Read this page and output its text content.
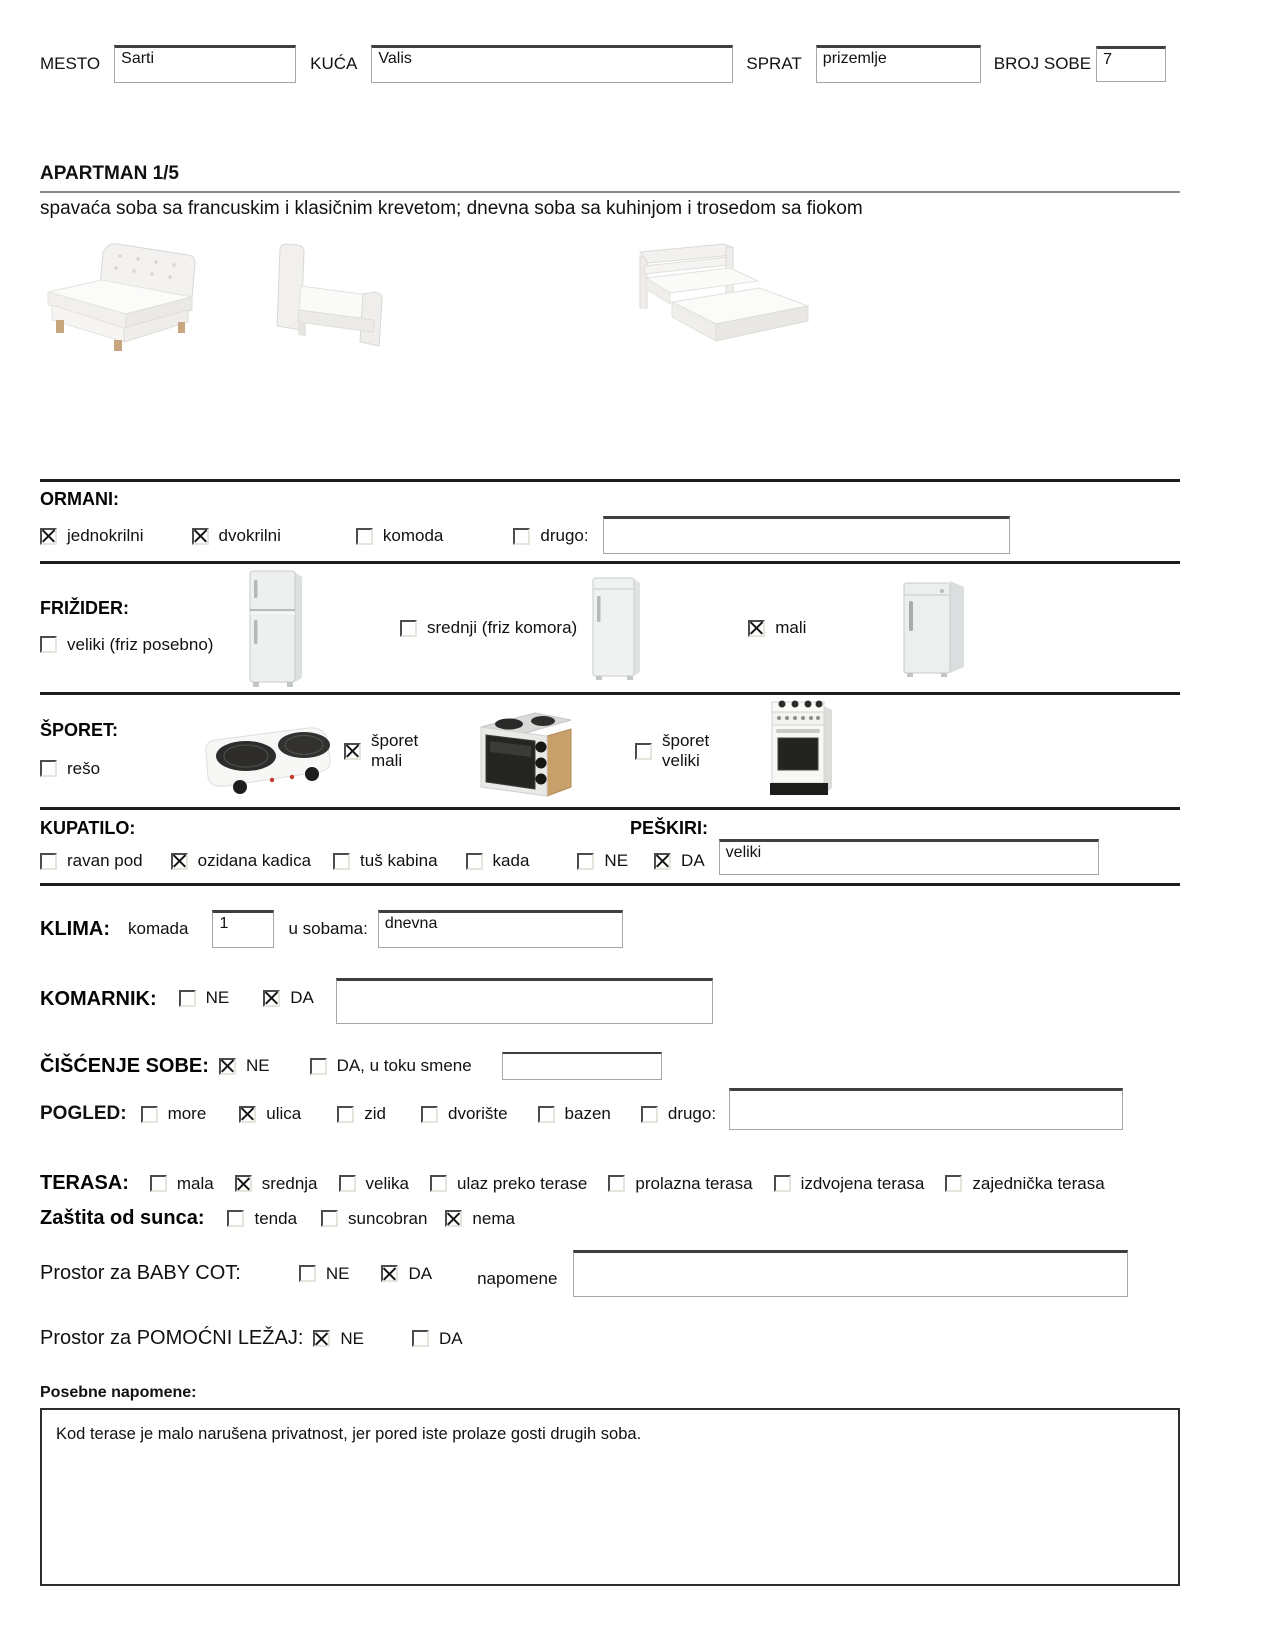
MESTO	Sarti	KUĆA	Valis	SPRAT	prizemlje	BROJ SOBE 7
APARTMAN 1/5
spavaća soba sa francuskim i klasičnim krevetom; dnevna soba sa kuhinjom i trosedom sa fiokom
ORMANI:
jednokrilni	dvokrilni	komoda	drugo:
FRIŽIDER:
veliki (friz posebno)
srednji (friz komora)	mali
ŠPORET:
rešo
šporet mali
šporet veliki
KUPATILO:	PEŠKIRI:
ravan pod	ozidana kadica	tuš kabina	kada	NE	DA	veliki
KLIMA: komada	1	u sobama:	dnevna
KOMARNIK:	NE	DA
ČIŠĆENJE SOBE: NE	DA, u toku smene
POGLED: more	ulica	zid	dvorište	bazen	drugo:
TERASA:	mala	srednja	velika	ulaz preko terase	prolazna terasa	izdvojena terasa	zajednička terasa
Zaštita od sunca:	tenda	suncobran	nema
Prostor za BABY COT:	NE	DA	napomene
Prostor za POMOĆNI LEŽAJ: NE	DA
Posebne napomene:
Kod terase je malo narušena privatnost, jer pored iste prolaze gosti drugih soba.
